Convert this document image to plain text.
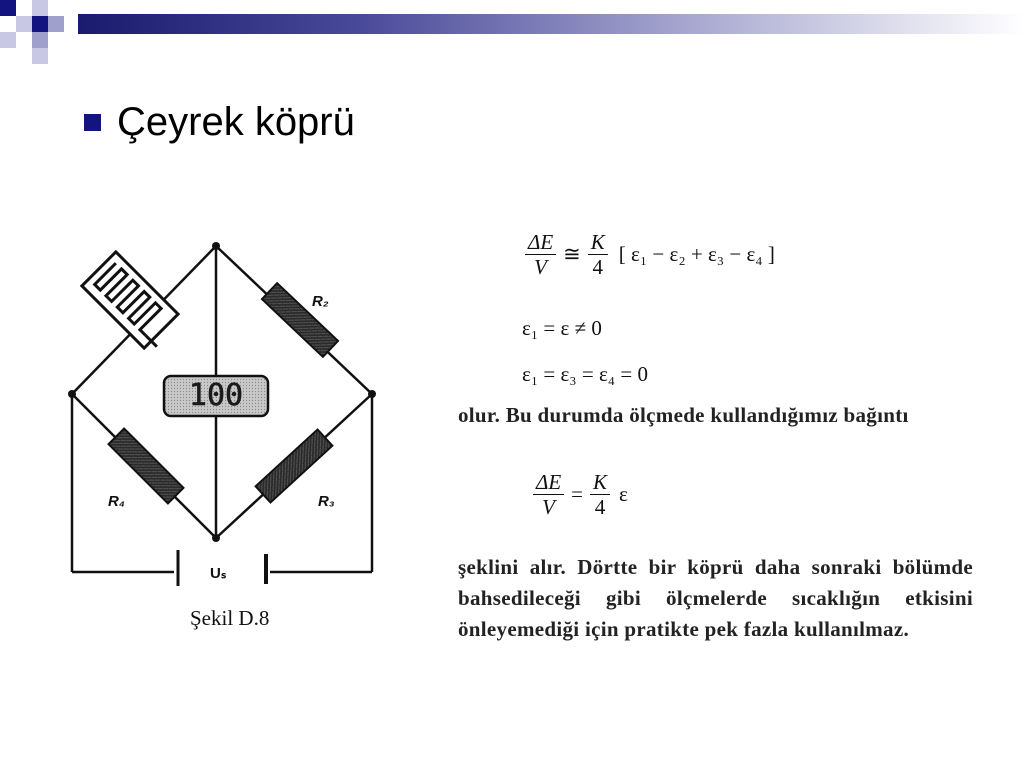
Çeyrek köprü
100
R₂
R₄	R₃
Uₛ
Şekil D.8
$\frac{\Delta E}{V}$ ≅ $\frac{K}{4}$ [ ε₁ − ε₂ + ε₃ − ε₄ ]
ε₁ = ε ≠ 0
ε₁ = ε₃ = ε₄ = 0
olur. Bu durumda ölçmede kullandığımız bağıntı
$\frac{\Delta E}{V} = \frac{K}{4}$ ε
şeklini alır. Dörtte bir köprü daha sonraki bölümde bahsedileceği gibi ölçmelerde sıcaklığın etkisini önleyemediği için pratikte pek fazla kullanılmaz.
